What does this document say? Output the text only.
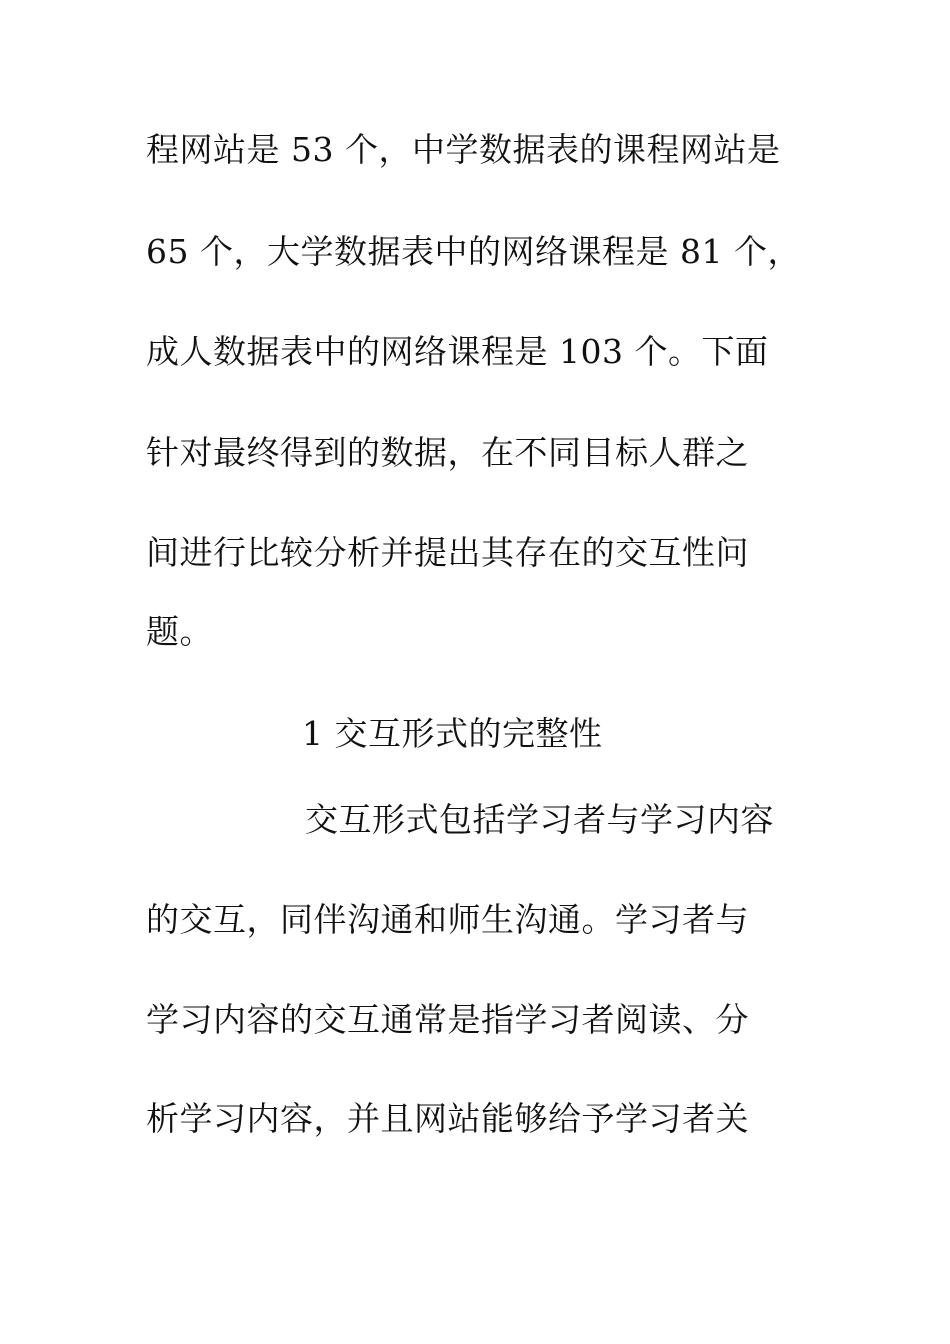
程网站是 53 个，中学数据表的课程网站是
65 个，大学数据表中的网络课程是 81 个，
成人数据表中的网络课程是 103 个。下面
针对最终得到的数据，在不同目标人群之
间进行比较分析并提出其存在的交互性问
题。
1 交互形式的完整性
交互形式包括学习者与学习内容
的交互，同伴沟通和师生沟通。学习者与
学习内容的交互通常是指学习者阅读、分
析学习内容，并且网站能够给予学习者关
